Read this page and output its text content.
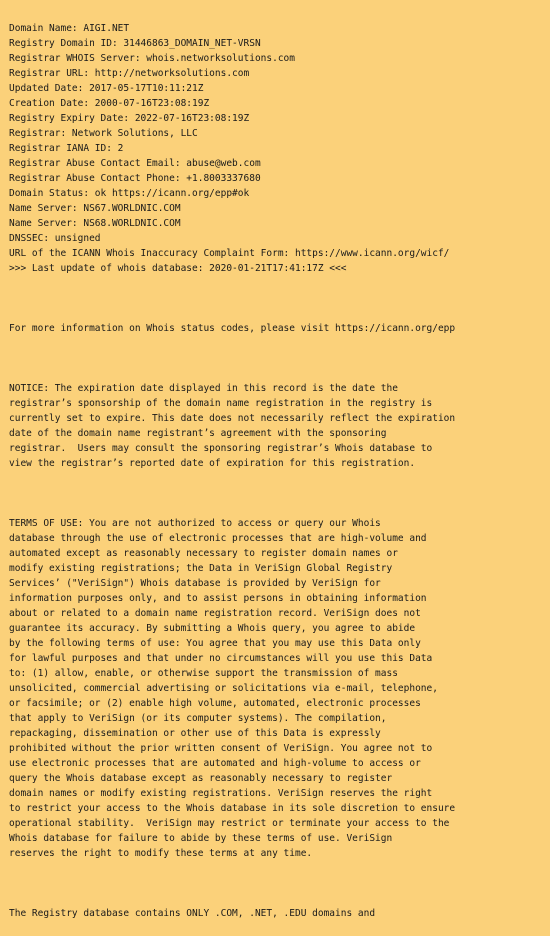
Domain Name: AIGI.NET
Registry Domain ID: 31446863_DOMAIN_NET-VRSN
Registrar WHOIS Server: whois.networksolutions.com
Registrar URL: http://networksolutions.com
Updated Date: 2017-05-17T10:11:21Z
Creation Date: 2000-07-16T23:08:19Z
Registry Expiry Date: 2022-07-16T23:08:19Z
Registrar: Network Solutions, LLC
Registrar IANA ID: 2
Registrar Abuse Contact Email: abuse@web.com
Registrar Abuse Contact Phone: +1.8003337680
Domain Status: ok https://icann.org/epp#ok
Name Server: NS67.WORLDNIC.COM
Name Server: NS68.WORLDNIC.COM
DNSSEC: unsigned
URL of the ICANN Whois Inaccuracy Complaint Form: https://www.icann.org/wicf/
>>> Last update of whois database: 2020-01-21T17:41:17Z <<<

For more information on Whois status codes, please visit https://icann.org/epp

NOTICE: The expiration date displayed in this record is the date the
registrar’s sponsorship of the domain name registration in the registry is
currently set to expire. This date does not necessarily reflect the expiration
date of the domain name registrant’s agreement with the sponsoring
registrar.  Users may consult the sponsoring registrar’s Whois database to
view the registrar’s reported date of expiration for this registration.

TERMS OF USE: You are not authorized to access or query our Whois
database through the use of electronic processes that are high-volume and
automated except as reasonably necessary to register domain names or
modify existing registrations; the Data in VeriSign Global Registry
Services’ ("VeriSign") Whois database is provided by VeriSign for
information purposes only, and to assist persons in obtaining information
about or related to a domain name registration record. VeriSign does not
guarantee its accuracy. By submitting a Whois query, you agree to abide
by the following terms of use: You agree that you may use this Data only
for lawful purposes and that under no circumstances will you use this Data
to: (1) allow, enable, or otherwise support the transmission of mass
unsolicited, commercial advertising or solicitations via e-mail, telephone,
or facsimile; or (2) enable high volume, automated, electronic processes
that apply to VeriSign (or its computer systems). The compilation,
repackaging, dissemination or other use of this Data is expressly
prohibited without the prior written consent of VeriSign. You agree not to
use electronic processes that are automated and high-volume to access or
query the Whois database except as reasonably necessary to register
domain names or modify existing registrations. VeriSign reserves the right
to restrict your access to the Whois database in its sole discretion to ensure
operational stability.  VeriSign may restrict or terminate your access to the
Whois database for failure to abide by these terms of use. VeriSign
reserves the right to modify these terms at any time.

The Registry database contains ONLY .COM, .NET, .EDU domains and
